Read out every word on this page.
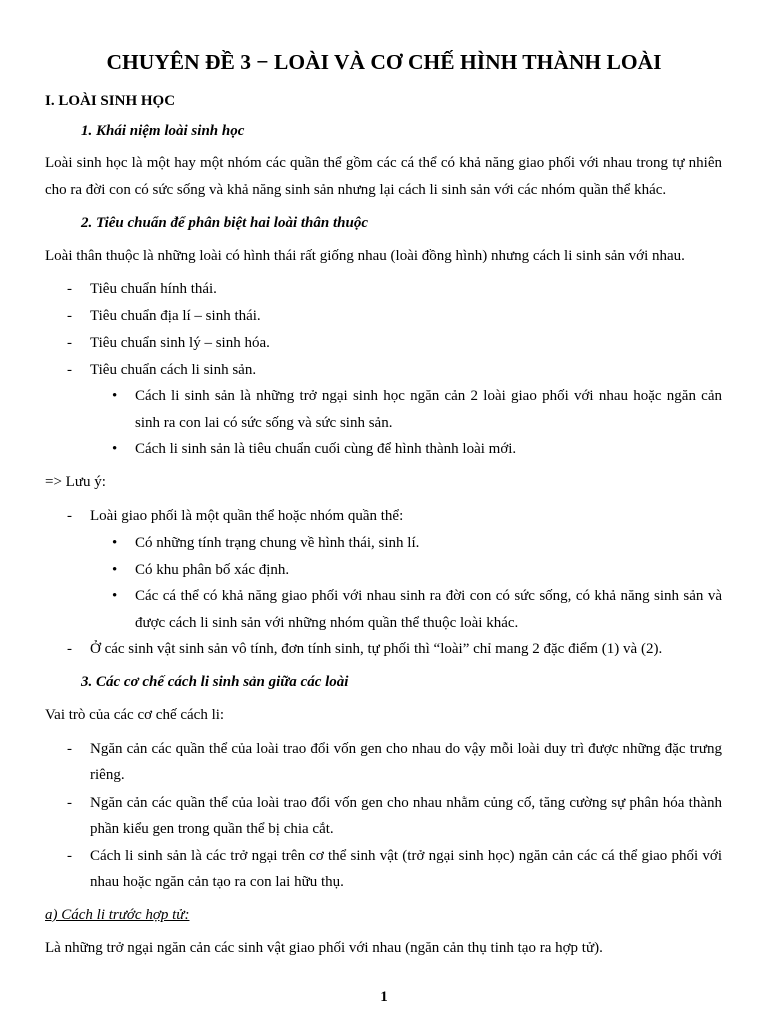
CHUYÊN ĐỀ 3 − LOÀI VÀ CƠ CHẾ HÌNH THÀNH LOÀI

I. LOÀI SINH HỌC

1. Khái niệm loài sinh học

Loài sinh học là một hay một nhóm các quần thể gồm các cá thể có khả năng giao phối với nhau trong tự nhiên

cho ra đời con có sức sống và khả năng sinh sản nhưng lại cách li sinh sản với các nhóm quần thể khác.

2. Tiêu chuẩn để phân biệt hai loài thân thuộc

Loài thân thuộc là những loài có hình thái rất giống nhau (loài đồng hình) nhưng cách li sinh sản với nhau.

- Tiêu chuẩn hính thái.

- Tiêu chuẩn địa lí – sinh thái.

- Tiêu chuẩn sinh lý – sinh hóa.

- Tiêu chuẩn cách li sinh sản.

• Cách li sinh sản là những trở ngại sinh học ngăn cản 2 loài giao phối với nhau hoặc ngăn cản

sinh ra con lai có sức sống và sức sinh sản.

• Cách li sinh sản là tiêu chuẩn cuối cùng để hình thành loài mới.

=> Lưu ý:

- Loài giao phối là một quần thể hoặc nhóm quần thể:

• Có những tính trạng chung về hình thái, sinh lí.

• Có khu phân bố xác định.

• Các cá thể có khả năng giao phối với nhau sinh ra đời con có sức sống, có khả năng sinh sản và

được cách li sinh sản với những nhóm quần thể thuộc loài khác.

- Ở các sinh vật sinh sản vô tính, đơn tính sinh, tự phối thì “loài” chỉ mang 2 đặc điểm (1) và (2).

3. Các cơ chế cách li sinh sản giữa các loài

Vai trò của các cơ chế cách li:

- Ngăn cản các quần thể của loài trao đổi vốn gen cho nhau do vậy mỗi loài duy trì được những đặc trưng

riêng.

- Ngăn cản các quần thể của loài trao đổi vốn gen cho nhau nhằm củng cố, tăng cường sự phân hóa thành

phần kiểu gen trong quần thể bị chia cắt.

- Cách li sinh sản là các trở ngại trên cơ thể sinh vật (trở ngại sinh học) ngăn cản các cá thể giao phối với

nhau hoặc ngăn cản tạo ra con lai hữu thụ.

a) Cách li trước hợp tử:

Là những trở ngại ngăn cản các sinh vật giao phối với nhau (ngăn cản thụ tinh tạo ra hợp tử).

1
